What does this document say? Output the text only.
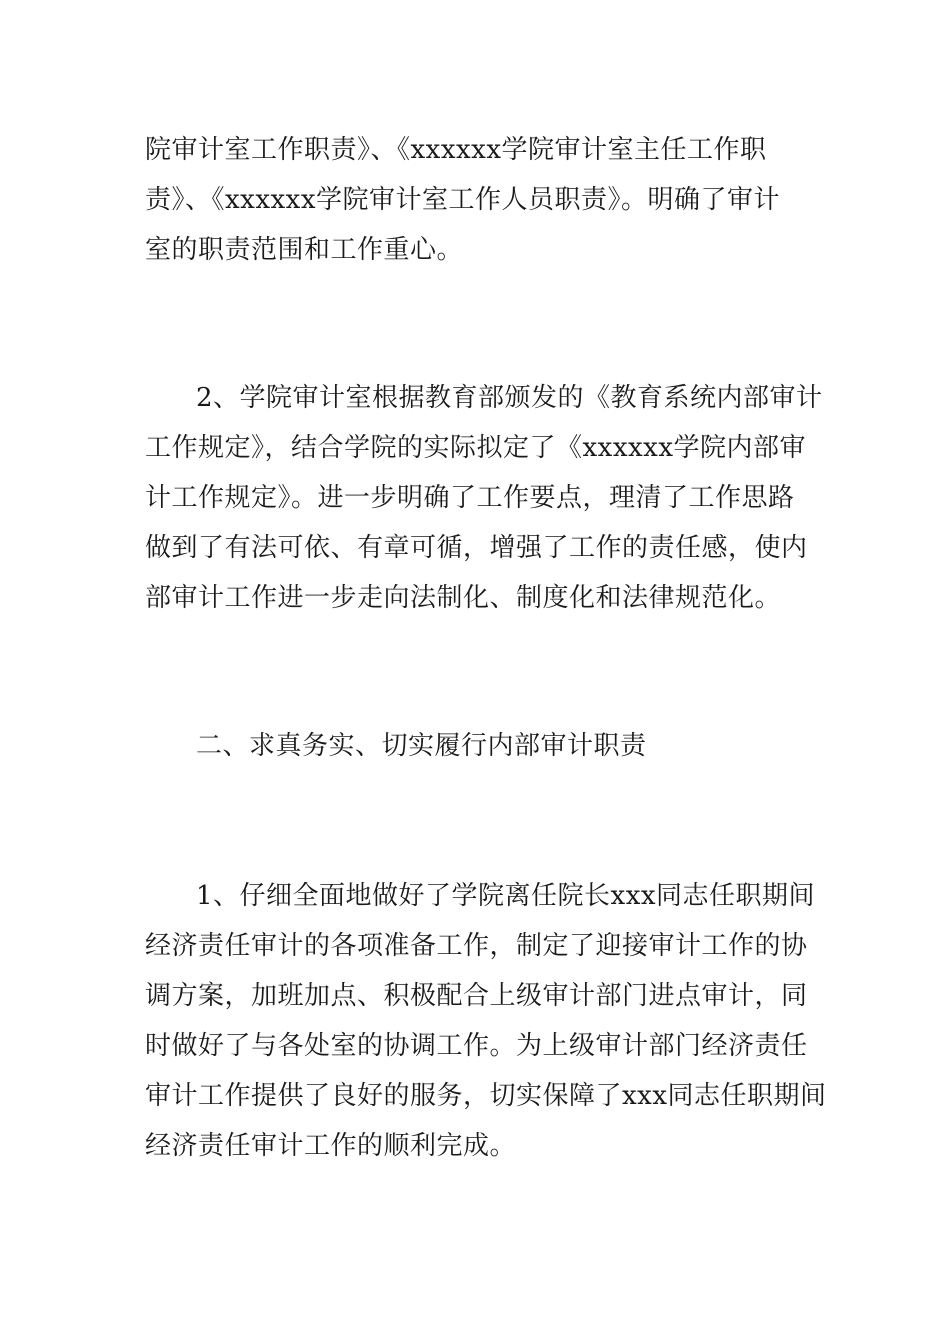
院审计室工作职责》、《xxxxxx学院审计室主任工作职
责》、《xxxxxx学院审计室工作人员职责》。明确了审计
室的职责范围和工作重心。
2、学院审计室根据教育部颁发的《教育系统内部审计
工作规定》，结合学院的实际拟定了《xxxxxx学院内部审
计工作规定》。进一步明确了工作要点，理清了工作思路
做到了有法可依、有章可循，增强了工作的责任感，使内
部审计工作进一步走向法制化、制度化和法律规范化。
二、求真务实、切实履行内部审计职责
1、仔细全面地做好了学院离任院长xxx同志任职期间
经济责任审计的各项准备工作，制定了迎接审计工作的协
调方案，加班加点、积极配合上级审计部门进点审计，同
时做好了与各处室的协调工作。为上级审计部门经济责任
审计工作提供了良好的服务，切实保障了xxx同志任职期间
经济责任审计工作的顺利完成。
